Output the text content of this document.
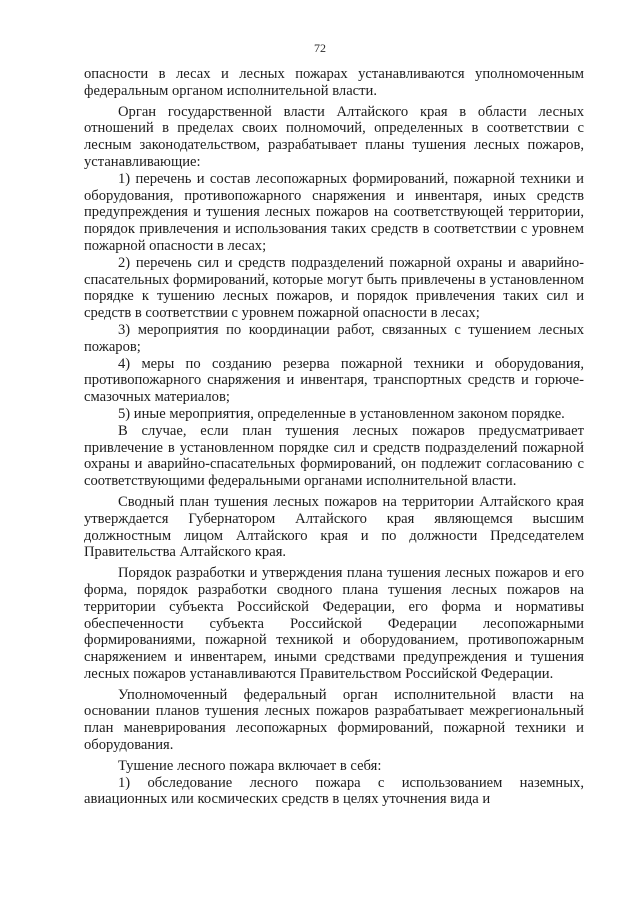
72

опасности в лесах и лесных пожарах устанавливаются уполномоченным федеральным органом исполнительной власти.

Орган государственной власти Алтайского края в области лесных отношений в пределах своих полномочий, определенных в соответствии с лесным законодательством, разрабатывает планы тушения лесных пожаров, устанавливающие:

1) перечень и состав лесопожарных формирований, пожарной техники и оборудования, противопожарного снаряжения и инвентаря, иных средств предупреждения и тушения лесных пожаров на соответствующей территории, порядок привлечения и использования таких средств в соответствии с уровнем пожарной опасности в лесах;

2) перечень сил и средств подразделений пожарной охраны и аварийно-спасательных формирований, которые могут быть привлечены в установленном порядке к тушению лесных пожаров, и порядок привлечения таких сил и средств в соответствии с уровнем пожарной опасности в лесах;

3) мероприятия по координации работ, связанных с тушением лесных пожаров;

4) меры по созданию резерва пожарной техники и оборудования, противопожарного снаряжения и инвентаря, транспортных средств и горюче-смазочных материалов;

5) иные мероприятия, определенные в установленном законом порядке.

В случае, если план тушения лесных пожаров предусматривает привлечение в установленном порядке сил и средств подразделений пожарной охраны и аварийно-спасательных формирований, он подлежит согласованию с соответствующими федеральными органами исполнительной власти.

Сводный план тушения лесных пожаров на территории Алтайского края утверждается Губернатором Алтайского края являющемся высшим должностным лицом Алтайского края и по должности Председателем Правительства Алтайского края.

Порядок разработки и утверждения плана тушения лесных пожаров и его форма, порядок разработки сводного плана тушения лесных пожаров на территории субъекта Российской Федерации, его форма и нормативы обеспеченности субъекта Российской Федерации лесопожарными формированиями, пожарной техникой и оборудованием, противопожарным снаряжением и инвентарем, иными средствами предупреждения и тушения лесных пожаров устанавливаются Правительством Российской Федерации.

Уполномоченный федеральный орган исполнительной власти на основании планов тушения лесных пожаров разрабатывает межрегиональный план маневрирования лесопожарных формирований, пожарной техники и оборудования.

Тушение лесного пожара включает в себя:

1) обследование лесного пожара с использованием наземных, авиационных или космических средств в целях уточнения вида и
